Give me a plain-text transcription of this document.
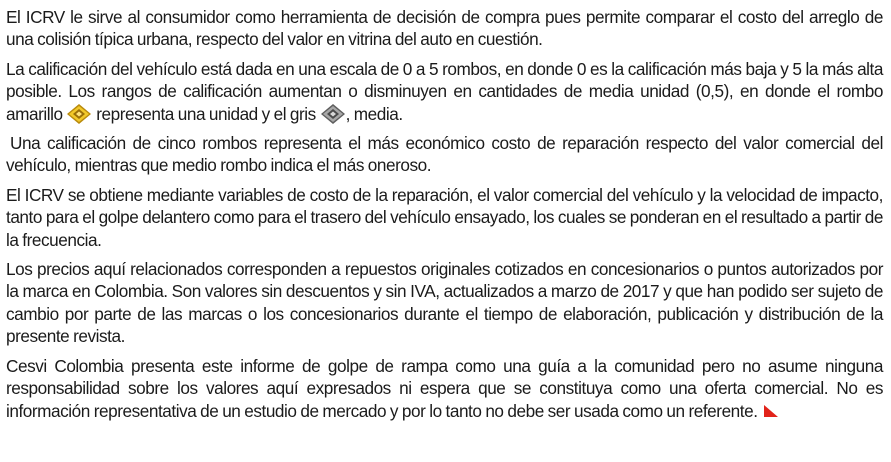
El ICRV le sirve al consumidor como herramienta de decisión de compra pues permite comparar el costo del arreglo de una colisión típica urbana, respecto del valor en vitrina del auto en cuestión.

La calificación del vehículo está dada en una escala de 0 a 5 rombos, en donde 0 es la calificación más baja y 5 la más alta posible. Los rangos de calificación aumentan o disminuyen en cantidades de media unidad (0,5), en donde el rombo amarillo representa una unidad y el gris , media.

Una calificación de cinco rombos representa el más económico costo de reparación respecto del valor comercial del vehículo, mientras que medio rombo indica el más oneroso.

El ICRV se obtiene mediante variables de costo de la reparación, el valor comercial del vehículo y la velocidad de impacto, tanto para el golpe delantero como para el trasero del vehículo ensayado, los cuales se ponderan en el resultado a partir de la frecuencia.

Los precios aquí relacionados corresponden a repuestos originales cotizados en concesionarios o puntos autorizados por la marca en Colombia. Son valores sin descuentos y sin IVA, actualizados a marzo de 2017 y que han podido ser sujeto de cambio por parte de las marcas o los concesionarios durante el tiempo de elaboración, publicación y distribución de la presente revista.

Cesvi Colombia presenta este informe de golpe de rampa como una guía a la comunidad pero no asume ninguna responsabilidad sobre los valores aquí expresados ni espera que se constituya como una oferta comercial. No es información representativa de un estudio de mercado y por lo tanto no debe ser usada como un referente.
